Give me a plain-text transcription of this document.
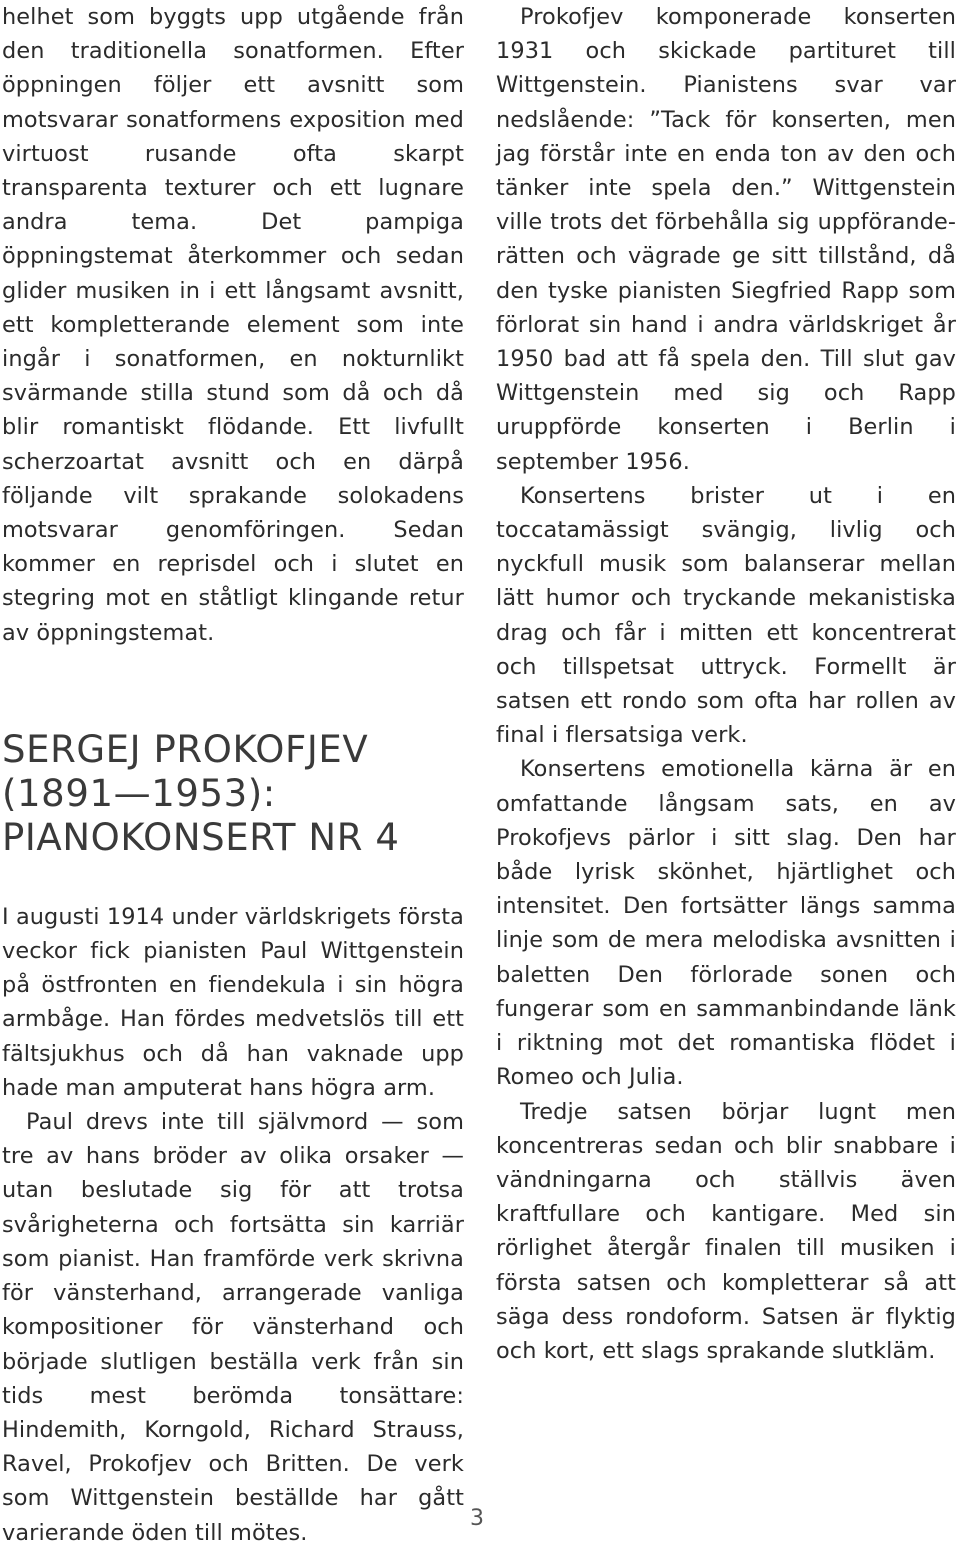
helhet som byggts upp utgående från den traditionella sonatformen. Efter öppningen följer ett avsnitt som motsvarar sonatformens exposition med virtuost rusande ofta skarpt transparenta texturer och ett lugnare andra tema. Det pampiga öppningstemat återkommer och sedan glider musiken in i ett långsamt avsnitt, ett kompletterande element som inte ingår i sonatformen, en nokturnlikt svärmande stilla stund som då och då blir romantiskt flödande. Ett livfullt scherzoartat avsnitt och en därpå följande vilt sprakande solokadens motsvarar genomföringen. Sedan kommer en reprisdel och i slutet en stegring mot en ståtligt klingande retur av öppningstemat.

SERGEJ PROKOFJEV
(1891—1953):
PIANOKONSERT NR 4

I augusti 1914 under världskrigets första veckor fick pianisten Paul Wittgenstein på östfronten en fiendekula i sin högra armbåge. Han fördes medvetslös till ett fältsjukhus och då han vaknade upp hade man amputerat hans högra arm.

Paul drevs inte till självmord — som tre av hans bröder av olika orsaker — utan beslutade sig för att trotsa svårigheterna och fortsätta sin karriär som pianist. Han framförde verk skrivna för vänsterhand, arrangerade vanliga kompositioner för vänsterhand och började slutligen beställa verk från sin tids mest berömda tonsättare: Hindemith, Korngold, Richard Strauss, Ravel, Prokofjev och Britten. De verk som Wittgenstein beställde har gått varierande öden till mötes.

Prokofjev komponerade konserten 1931 och skickade partituret till Wittgenstein. Pianistens svar var nedslående: ”Tack för konserten, men jag förstår inte en enda ton av den och tänker inte spela den.” Wittgenstein ville trots det förbehålla sig uppföranderätten och vägrade ge sitt tillstånd, då den tyske pianisten Siegfried Rapp som förlorat sin hand i andra världskriget år 1950 bad att få spela den. Till slut gav Wittgenstein med sig och Rapp uruppförde konserten i Berlin i september 1956.

Konsertens brister ut i en toccatamässigt svängig, livlig och nyckfull musik som balanserar mellan lätt humor och tryckande mekanistiska drag och får i mitten ett koncentrerat och tillspetsat uttryck. Formellt är satsen ett rondo som ofta har rollen av final i flersatsiga verk.

Konsertens emotionella kärna är en omfattande långsam sats, en av Prokofjevs pärlor i sitt slag. Den har både lyrisk skönhet, hjärtlighet och intensitet. Den fortsätter längs samma linje som de mera melodiska avsnitten i baletten Den förlorade sonen och fungerar som en sammanbindande länk i riktning mot det romantiska flödet i Romeo och Julia.

Tredje satsen börjar lugnt men koncentreras sedan och blir snabbare i vändningarna och ställvis även kraftfullare och kantigare. Med sin rörlighet återgår finalen till musiken i första satsen och kompletterar så att säga dess rondoform. Satsen är flyktig och kort, ett slags sprakande slutkläm.

3
